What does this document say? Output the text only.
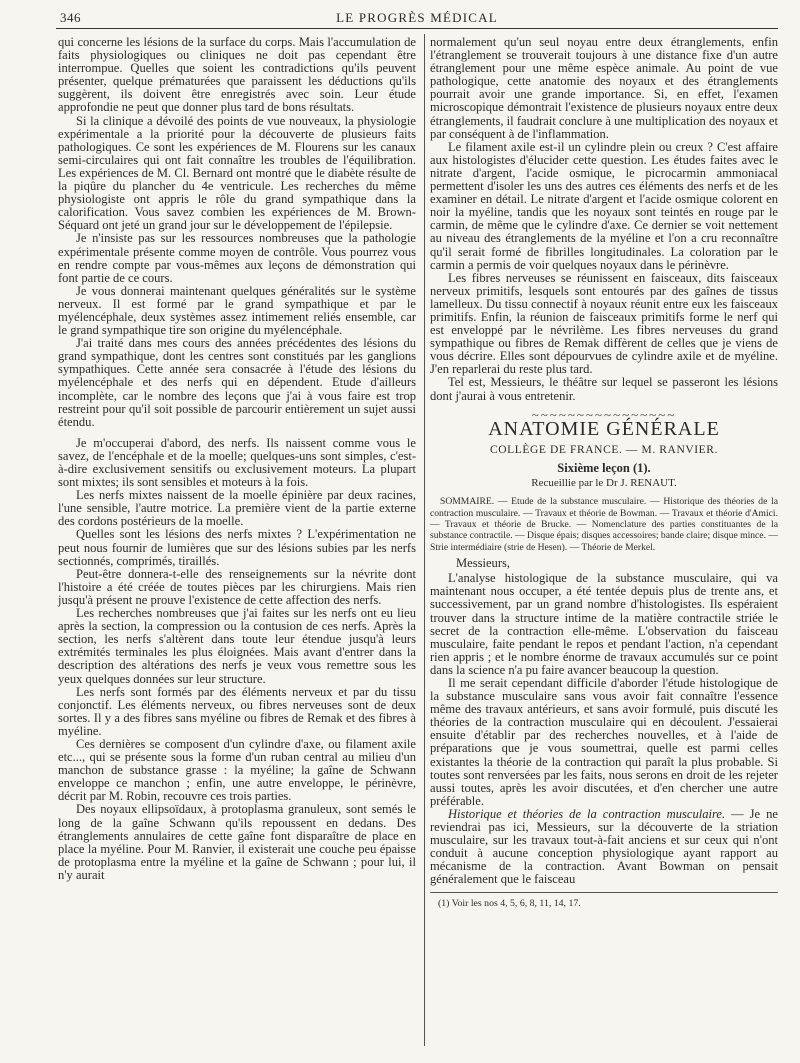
346	LE PROGRÈS MÉDICAL

qui concerne les lésions de la surface du corps. Mais l'accumulation de faits physiologiques ou cliniques ne doit pas cependant être interrompue. Quelles que soient les contradictions qu'ils peuvent présenter, quelque prématurées que paraissent les déductions qu'ils suggèrent, ils doivent être enregistrés avec soin. Leur étude approfondie ne peut que donner plus tard de bons résultats.

Si la clinique a dévoilé des points de vue nouveaux, la physiologie expérimentale a la priorité pour la découverte de plusieurs faits pathologiques. Ce sont les expériences de M. Flourens sur les canaux semi-circulaires qui ont fait connaître les troubles de l'équilibration. Les expériences de M. Cl. Bernard ont montré que le diabète résulte de la piqûre du plancher du 4e ventricule. Les recherches du même physiologiste ont appris le rôle du grand sympathique dans la calorification. Vous savez combien les expériences de M. Brown-Séquard ont jeté un grand jour sur le développement de l'épilepsie.

Je n'insiste pas sur les ressources nombreuses que la pathologie expérimentale présente comme moyen de contrôle. Vous pourrez vous en rendre compte par vous-mêmes aux leçons de démonstration qui font partie de ce cours.

Je vous donnerai maintenant quelques généralités sur le système nerveux. Il est formé par le grand sympathique et par le myélencéphale, deux systèmes assez intimement reliés ensemble, car le grand sympathique tire son origine du myélencéphale.

J'ai traité dans mes cours des années précédentes des lésions du grand sympathique, dont les centres sont constitués par les ganglions sympathiques. Cette année sera consacrée à l'étude des lésions du myélencéphale et des nerfs qui en dépendent. Etude d'ailleurs incomplète, car le nombre des leçons que j'ai à vous faire est trop restreint pour qu'il soit possible de parcourir entièrement un sujet aussi étendu.

Je m'occuperai d'abord, des nerfs. Ils naissent comme vous le savez, de l'encéphale et de la moelle; quelques-uns sont simples, c'est-à-dire exclusivement sensitifs ou exclusivement moteurs. La plupart sont mixtes; ils sont sensibles et moteurs à la fois.

Les nerfs mixtes naissent de la moelle épinière par deux racines, l'une sensible, l'autre motrice. La première vient de la partie externe des cordons postérieurs de la moelle.

Quelles sont les lésions des nerfs mixtes ? L'expérimentation ne peut nous fournir de lumières que sur des lésions subies par les nerfs sectionnés, comprimés, tiraillés.

Peut-être donnera-t-elle des renseignements sur la névrite dont l'histoire a été créée de toutes pièces par les chirurgiens. Mais rien jusqu'à présent ne prouve l'existence de cette affection des nerfs.

Les recherches nombreuses que j'ai faites sur les nerfs ont eu lieu après la section, la compression ou la contusion de ces nerfs. Après la section, les nerfs s'altèrent dans toute leur étendue jusqu'à leurs extrémités terminales les plus éloignées. Mais avant d'entrer dans la description des altérations des nerfs je veux vous remettre sous les yeux quelques données sur leur structure.

Les nerfs sont formés par des éléments nerveux et par du tissu conjonctif. Les éléments nerveux, ou fibres nerveuses sont de deux sortes. Il y a des fibres sans myéline ou fibres de Remak et des fibres à myéline.

Ces dernières se composent d'un cylindre d'axe, ou filament axile etc..., qui se présente sous la forme d'un ruban central au milieu d'un manchon de substance grasse : la myéline; la gaîne de Schwann enveloppe ce manchon ; enfin, une autre enveloppe, le périnèvre, décrit par M. Robin, recouvre ces trois parties.

Des noyaux ellipsoïdaux, à protoplasma granuleux, sont semés le long de la gaîne Schwann qu'ils repoussent en dedans. Des étranglements annulaires de cette gaîne font disparaître de place en place la myéline. Pour M. Ranvier, il existerait une couche peu épaisse de protoplasma entre la myéline et la gaîne de Schwann ; pour lui, il n'y aurait

normalement qu'un seul noyau entre deux étranglements, enfin l'étranglement se trouverait toujours à une distance fixe d'un autre étranglement pour une même espèce animale. Au point de vue pathologique, cette anatomie des noyaux et des étranglements pourrait avoir une grande importance. Si, en effet, l'examen microscopique démontrait l'existence de plusieurs noyaux entre deux étranglements, il faudrait conclure à une multiplication des noyaux et par conséquent à de l'inflammation.

Le filament axile est-il un cylindre plein ou creux ? C'est affaire aux histologistes d'élucider cette question. Les études faites avec le nitrate d'argent, l'acide osmique, le picrocarmin ammoniacal permettent d'isoler les uns des autres ces éléments des nerfs et de les examiner en détail. Le nitrate d'argent et l'acide osmique colorent en noir la myéline, tandis que les noyaux sont teintés en rouge par le carmin, de même que le cylindre d'axe. Ce dernier se voit nettement au niveau des étranglements de la myéline et l'on a cru reconnaître qu'il serait formé de fibrilles longitudinales. La coloration par le carmin a permis de voir quelques noyaux dans le périnèvre.

Les fibres nerveuses se réunissent en faisceaux, dits faisceaux nerveux primitifs, lesquels sont entourés par des gaînes de tissus lamelleux. Du tissu connectif à noyaux réunit entre eux les faisceaux primitifs. Enfin, la réunion de faisceaux primitifs forme le nerf qui est enveloppé par le névrilème. Les fibres nerveuses du grand sympathique ou fibres de Remak diffèrent de celles que je viens de vous décrire. Elles sont dépourvues de cylindre axile et de myéline. J'en reparlerai du reste plus tard.

Tel est, Messieurs, le théâtre sur lequel se passeront les lésions dont j'aurai à vous entretenir.

~~~~~~~~~~~~~~~~
ANATOMIE GÉNÉRALE
COLLÈGE DE FRANCE. — M. RANVIER.
Sixième leçon (1).
Recueillie par le Dr J. RENAUT.
SOMMAIRE. — Etude de la substance musculaire. — Historique des théories de la contraction musculaire. — Travaux et théorie de Bowman. — Travaux et théorie d'Amici. — Travaux et théorie de Brucke. — Nomenclature des parties constituantes de la substance contractile. — Disque épais; disques accessoires; bande claire; disque mince. — Strie intermédiaire (strie de Hesen). — Théorie de Merkel.
Messieurs,

L'analyse histologique de la substance musculaire, qui va maintenant nous occuper, a été tentée depuis plus de trente ans, et successivement, par un grand nombre d'histologistes. Ils espéraient trouver dans la structure intime de la matière contractile striée le secret de la contraction elle-même. L'observation du faisceau musculaire, faite pendant le repos et pendant l'action, n'a cependant rien appris ; et le nombre énorme de travaux accumulés sur ce point dans la science n'a pu faire avancer beaucoup la question.

Il me serait cependant difficile d'aborder l'étude histologique de la substance musculaire sans vous avoir fait connaître l'essence même des travaux antérieurs, et sans avoir formulé, puis discuté les théories de la contraction musculaire qui en découlent. J'essaierai ensuite d'établir par des recherches nouvelles, et à l'aide de préparations que je vous soumettrai, quelle est parmi celles existantes la théorie de la contraction qui paraît la plus probable. Si toutes sont renversées par les faits, nous serons en droit de les rejeter aussi toutes, après les avoir discutées, et d'en chercher une autre préférable.

Historique et théories de la contraction musculaire. — Je ne reviendrai pas ici, Messieurs, sur la découverte de la striation musculaire, sur les travaux tout-à-fait anciens et sur ceux qui n'ont conduit à aucune conception physiologique ayant rapport au mécanisme de la contraction. Avant Bowman on pensait généralement que le faisceau

(1) Voir les nos 4, 5, 6, 8, 11, 14, 17.
